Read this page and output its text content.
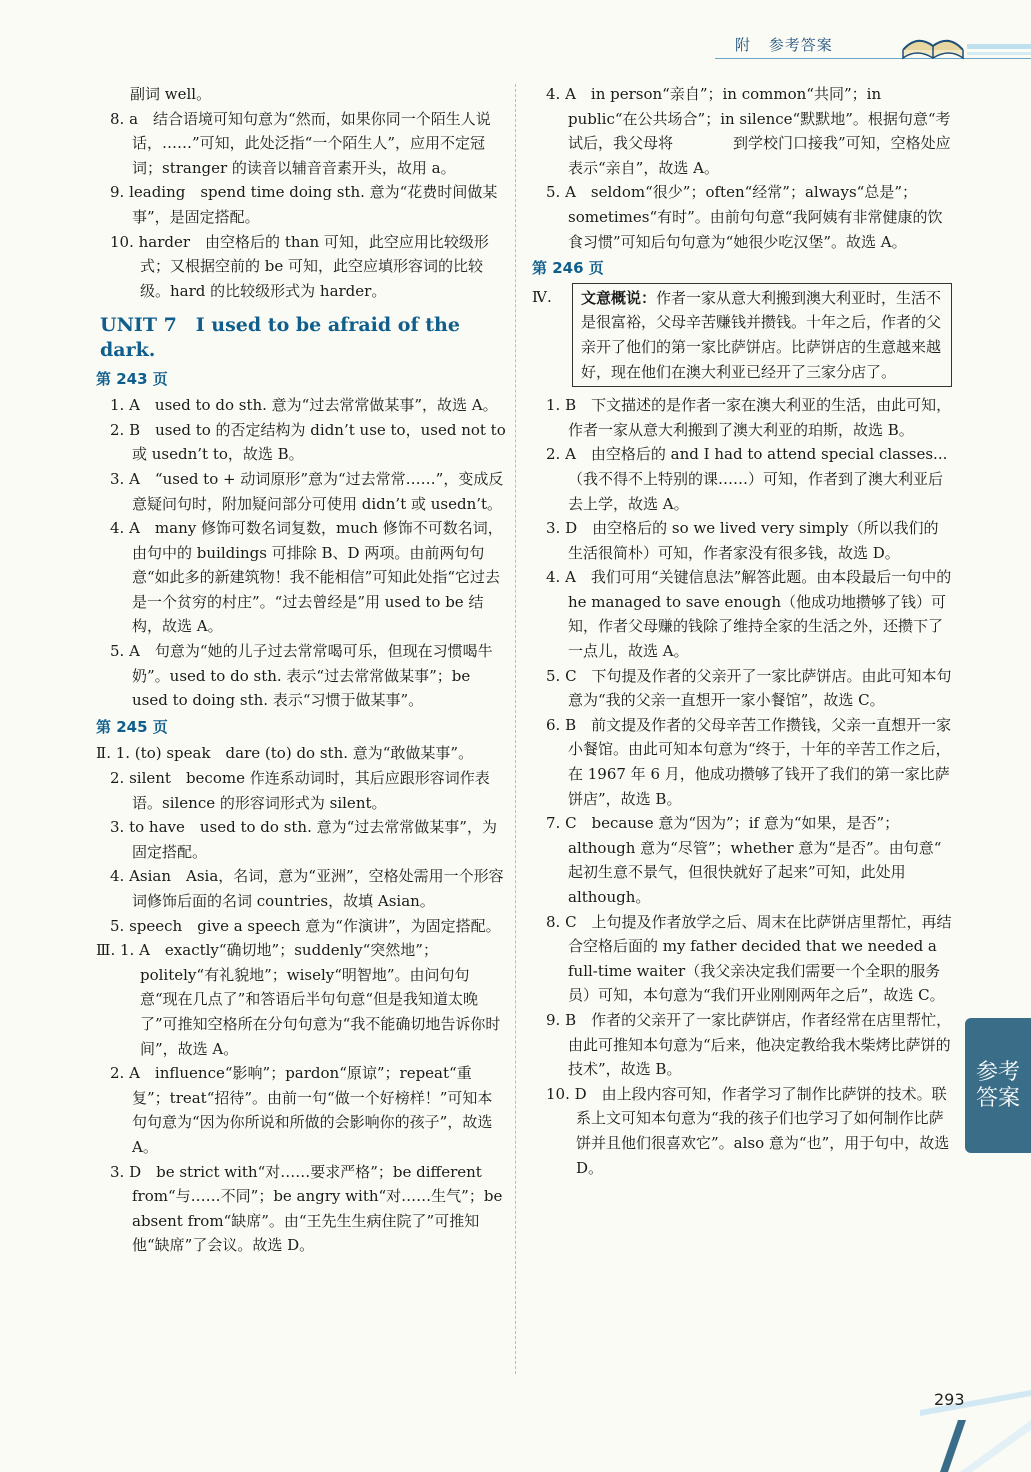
附 参考答案

副词 well。

8. a　结合语境可知句意为“然而，如果你同一个陌生人说话，……”可知，此处泛指“一个陌生人”，应用不定冠词；stranger 的读音以辅音音素开头，故用 a。

9. leading　spend time doing sth. 意为“花费时间做某事”，是固定搭配。

10. harder　由空格后的 than 可知，此空应用比较级形式；又根据空前的 be 可知，此空应填形容词的比较级。hard 的比较级形式为 harder。

UNIT 7　I used to be afraid of the dark.
第 243 页

1. A　used to do sth. 意为“过去常常做某事”，故选 A。

2. B　used to 的否定结构为 didn’t use to，used not to 或 usedn’t to，故选 B。

3. A　“used to + 动词原形”意为“过去常常……”，变成反意疑问句时，附加疑问部分可使用 didn’t 或 usedn’t。

4. A　many 修饰可数名词复数，much 修饰不可数名词，由句中的 buildings 可排除 B、D 两项。由前两句句意“如此多的新建筑物！我不能相信”可知此处指“它过去是一个贫穷的村庄”。“过去曾经是”用 used to be 结构，故选 A。

5. A　句意为“她的儿子过去常常喝可乐，但现在习惯喝牛奶”。used to do sth. 表示“过去常常做某事”；be used to doing sth. 表示“习惯于做某事”。

第 245 页

Ⅱ. 1. (to) speak　dare (to) do sth. 意为“敢做某事”。

2. silent　become 作连系动词时，其后应跟形容词作表语。silence 的形容词形式为 silent。

3. to have　used to do sth. 意为“过去常常做某事”，为固定搭配。

4. Asian　Asia，名词，意为“亚洲”，空格处需用一个形容词修饰后面的名词 countries，故填 Asian。

5. speech　give a speech 意为“作演讲”，为固定搭配。

Ⅲ. 1. A　exactly“确切地”；suddenly“突然地”；politely“有礼貌地”；wisely“明智地”。由问句句意“现在几点了”和答语后半句句意“但是我知道太晚了”可推知空格所在分句句意为“我不能确切地告诉你时间”，故选 A。

2. A　influence“影响”；pardon“原谅”；repeat“重复”；treat“招待”。由前一句“做一个好榜样！”可知本句句意为“因为你所说和所做的会影响你的孩子”，故选 A。

3. D　be strict with“对……要求严格”；be different from“与……不同”；be angry with“对……生气”；be absent from“缺席”。由“王先生生病住院了”可推知他“缺席”了会议。故选 D。

4. A　in person“亲自”；in common“共同”；in public“在公共场合”；in silence“默默地”。根据句意“考试后，我父母将　　　　到学校门口接我”可知，空格处应表示“亲自”，故选 A。

5. A　seldom“很少”；often“经常”；always“总是”；sometimes“有时”。由前句句意“我阿姨有非常健康的饮食习惯”可知后句句意为“她很少吃汉堡”。故选 A。

第 246 页
Ⅳ.	文意概说：作者一家从意大利搬到澳大利亚时，生活不是很富裕，父母辛苦赚钱并攒钱。十年之后，作者的父亲开了他们的第一家比萨饼店。比萨饼店的生意越来越好，现在他们在澳大利亚已经开了三家分店了。

1. B　下文描述的是作者一家在澳大利亚的生活，由此可知，作者一家从意大利搬到了澳大利亚的珀斯，故选 B。

2. A　由空格后的 and I had to attend special classes...（我不得不上特别的课……）可知，作者到了澳大利亚后去上学，故选 A。

3. D　由空格后的 so we lived very simply（所以我们的生活很简朴）可知，作者家没有很多钱，故选 D。

4. A　我们可用“关键信息法”解答此题。由本段最后一句中的 he managed to save enough（他成功地攒够了钱）可知，作者父母赚的钱除了维持全家的生活之外，还攒下了一点儿，故选 A。

5. C　下句提及作者的父亲开了一家比萨饼店。由此可知本句意为“我的父亲一直想开一家小餐馆”，故选 C。

6. B　前文提及作者的父母辛苦工作攒钱，父亲一直想开一家小餐馆。由此可知本句意为“终于，十年的辛苦工作之后，在 1967 年 6 月，他成功攒够了钱开了我们的第一家比萨饼店”，故选 B。

7. C　because 意为“因为”；if 意为“如果，是否”；although 意为“尽管”；whether 意为“是否”。由句意“　　　　起初生意不景气，但很快就好了起来”可知，此处用 although。

8. C　上句提及作者放学之后、周末在比萨饼店里帮忙，再结合空格后面的 my father decided that we needed a full-time waiter（我父亲决定我们需要一个全职的服务员）可知，本句意为“我们开业刚刚两年之后”，故选 C。

9. B　作者的父亲开了一家比萨饼店，作者经常在店里帮忙，由此可推知本句意为“后来，他决定教给我木柴烤比萨饼的技术”，故选 B。

10. D　由上段内容可知，作者学习了制作比萨饼的技术。联系上文可知本句意为“我的孩子们也学习了如何制作比萨饼并且他们很喜欢它”。also 意为“也”，用于句中，故选 D。

参考
答案
293
